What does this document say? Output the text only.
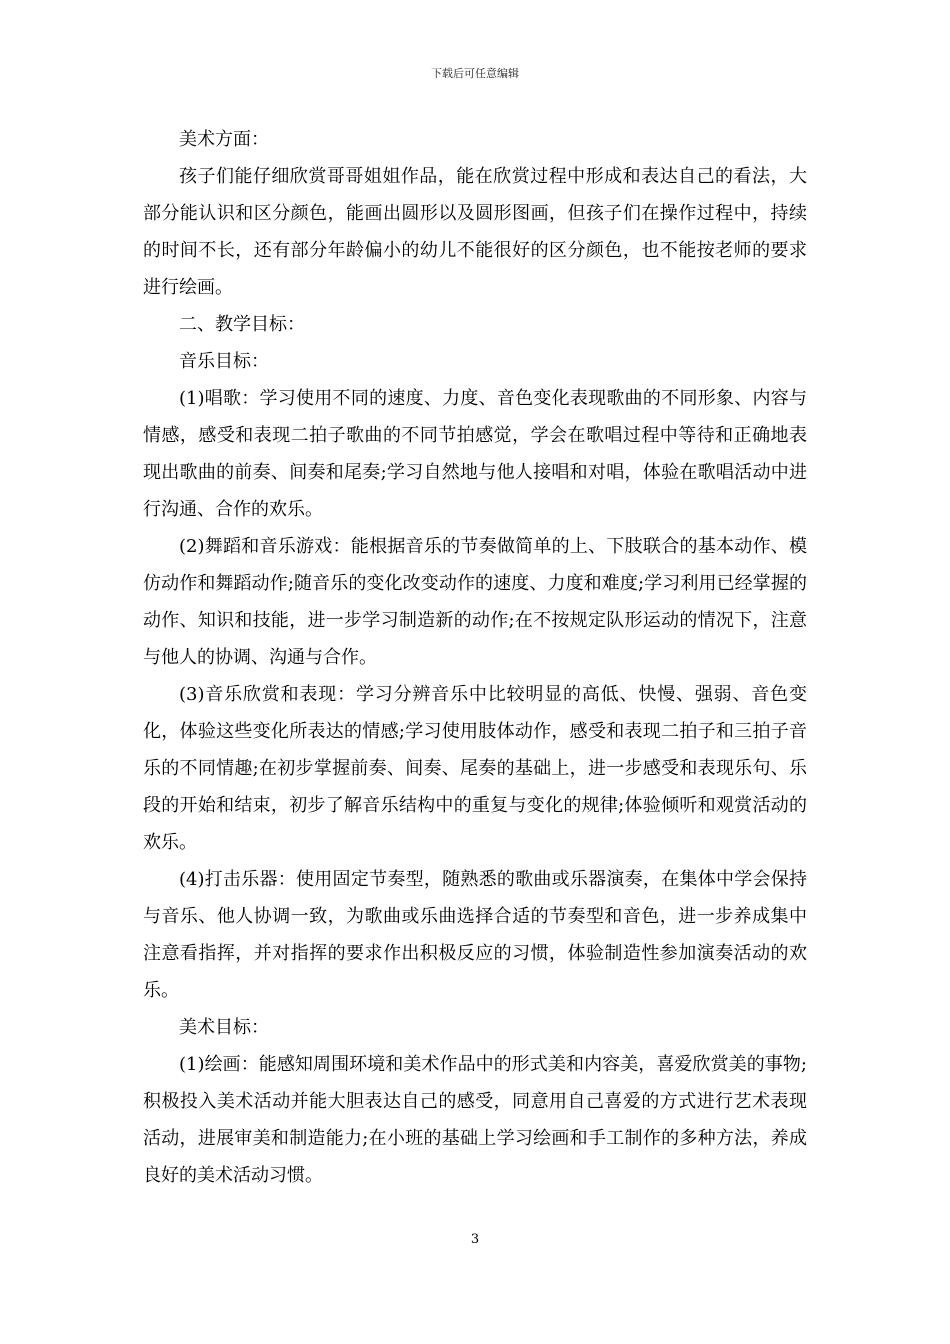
下载后可任意编辑

美术方面：

孩子们能仔细欣赏哥哥姐姐作品，能在欣赏过程中形成和表达自己的看法，大部分能认识和区分颜色，能画出圆形以及圆形图画，但孩子们在操作过程中，持续的时间不长，还有部分年龄偏小的幼儿不能很好的区分颜色，也不能按老师的要求进行绘画。

二、教学目标：

音乐目标：

(1)唱歌：学习使用不同的速度、力度、音色变化表现歌曲的不同形象、内容与情感，感受和表现二拍子歌曲的不同节拍感觉，学会在歌唱过程中等待和正确地表现出歌曲的前奏、间奏和尾奏;学习自然地与他人接唱和对唱，体验在歌唱活动中进行沟通、合作的欢乐。

(2)舞蹈和音乐游戏：能根据音乐的节奏做简单的上、下肢联合的基本动作、模仿动作和舞蹈动作;随音乐的变化改变动作的速度、力度和难度;学习利用已经掌握的动作、知识和技能，进一步学习制造新的动作;在不按规定队形运动的情况下，注意与他人的协调、沟通与合作。

(3)音乐欣赏和表现：学习分辨音乐中比较明显的高低、快慢、强弱、音色变化，体验这些变化所表达的情感;学习使用肢体动作，感受和表现二拍子和三拍子音乐的不同情趣;在初步掌握前奏、间奏、尾奏的基础上，进一步感受和表现乐句、乐段的开始和结束，初步了解音乐结构中的重复与变化的规律;体验倾听和观赏活动的欢乐。

(4)打击乐器：使用固定节奏型，随熟悉的歌曲或乐器演奏，在集体中学会保持与音乐、他人协调一致，为歌曲或乐曲选择合适的节奏型和音色，进一步养成集中注意看指挥，并对指挥的要求作出积极反应的习惯，体验制造性参加演奏活动的欢乐。

美术目标：

(1)绘画：能感知周围环境和美术作品中的形式美和内容美，喜爱欣赏美的事物;积极投入美术活动并能大胆表达自己的感受，同意用自己喜爱的方式进行艺术表现活动，进展审美和制造能力;在小班的基础上学习绘画和手工制作的多种方法，养成良好的美术活动习惯。

3
